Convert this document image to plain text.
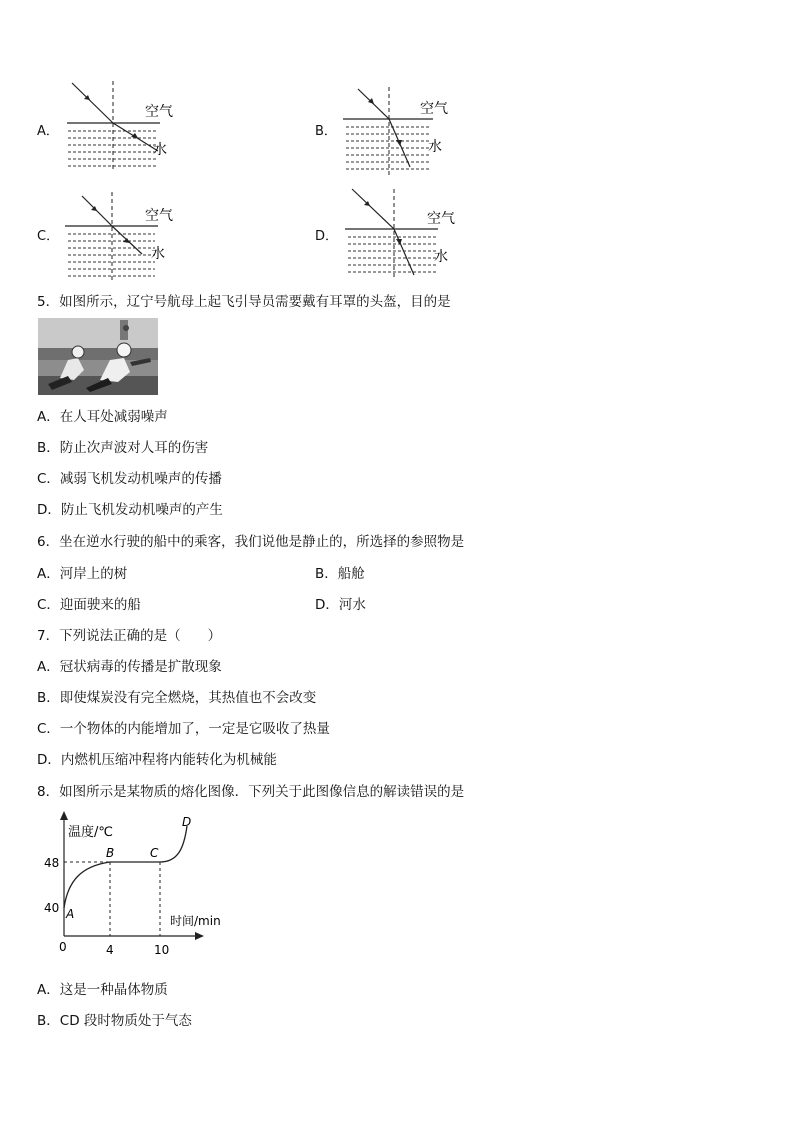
A．
空气
水
B．
空气
水
C．
空气
水
D．
空气
水
5．如图所示，辽宁号航母上起飞引导员需要戴有耳罩的头盔，目的是
A．在人耳处减弱噪声
B．防止次声波对人耳的伤害
C．减弱飞机发动机噪声的传播
D．防止飞机发动机噪声的产生
6．坐在逆水行驶的船中的乘客，我们说他是静止的，所选择的参照物是
A．河岸上的树	B．船舱
C．迎面驶来的船	D．河水
7．下列说法正确的是（　　）
A．冠状病毒的传播是扩散现象
B．即使煤炭没有完全燃烧，其热值也不会改变
C．一个物体的内能增加了，一定是它吸收了热量
D．内燃机压缩冲程将内能转化为机械能
8．如图所示是某物质的熔化图像．下列关于此图像信息的解读错误的是
温度/℃
时间/min
48
40
0	4	10
A
B	C
D
A．这是一种晶体物质
B．CD 段时物质处于气态
